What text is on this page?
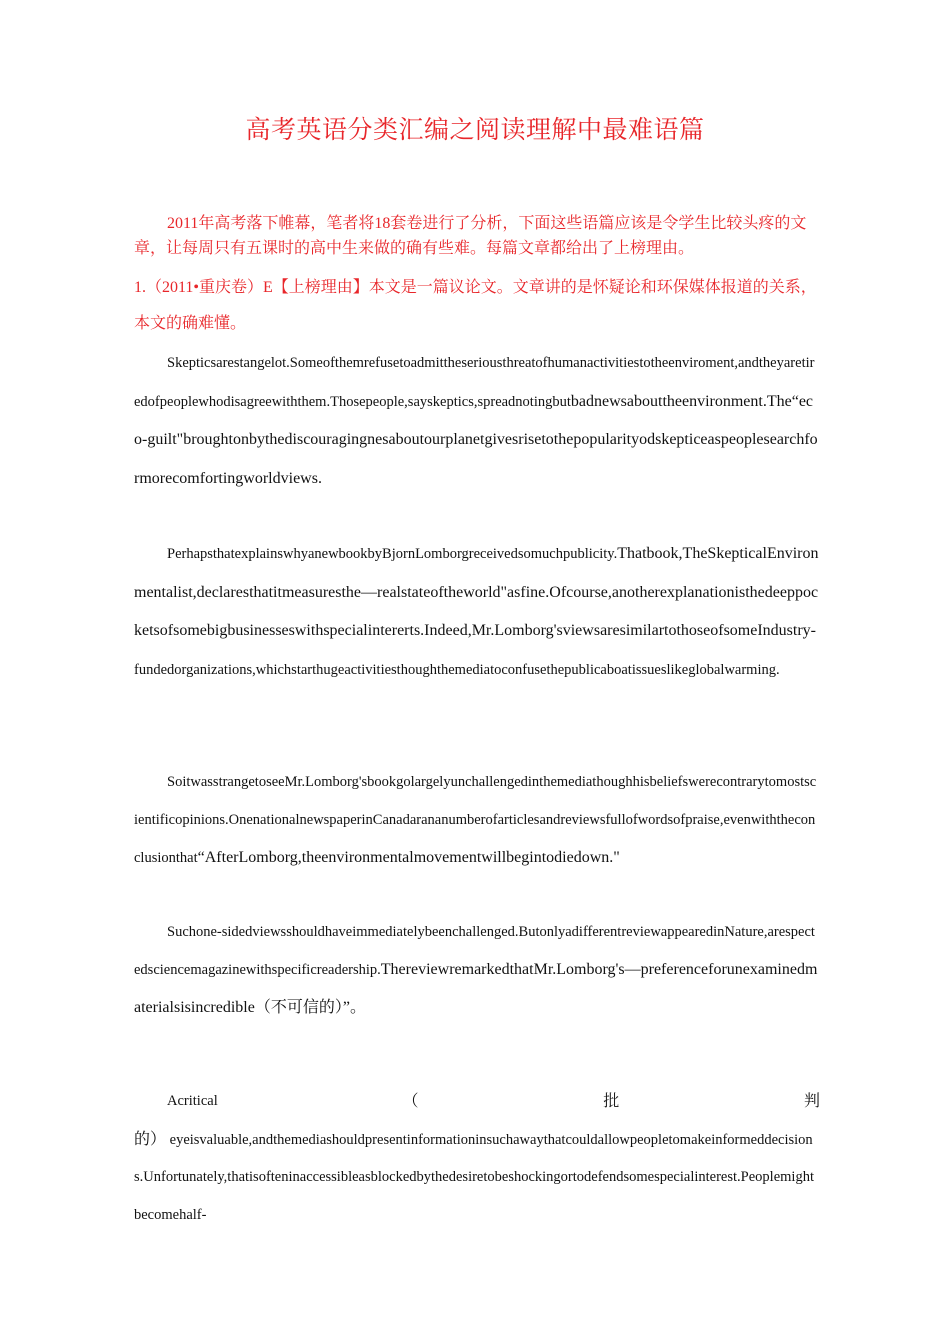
高考英语分类汇编之阅读理解中最难语篇
2011年高考落下帷幕，笔者将18套卷进行了分析，下面这些语篇应该是令学生比较头疼的文章，让每周只有五课时的高中生来做的确有些难。每篇文章都给出了上榜理由。
1.（2011•重庆卷）E【上榜理由】本文是一篇议论文。文章讲的是怀疑论和环保媒体报道的关系，本文的确难懂。
Skepticsarestangelot.Someofthemrefusetoadmittheseriousthreatofhumanactivitiestotheenviroment,andtheyaretiredofpeoplewhodisagreewiththem.Thosepeople,sayskeptics,spreadnotingbutbadnewsabouttheenvironment.The“eco-guilt"broughtonbythediscouragingnesaboutourplanetgivesrisetothepopularityodskepticeaspeoplesearchformorecomfortingworldviews.
PerhapsthatexplainswhyanewbookbyBjornLomborgreceivedsomuchpublicity.Thatbook,TheSkepticalEnvironmentalist,declaresthatitmeasuresthe—realstateoftheworld"asfine.Ofcourse,anotherexplanationisthedeeppocketsofsomebigbusinesseswithspecialintererts.Indeed,Mr.Lomborg'sviewsaresimilartothoseofsomeIndustry-fundedorganizations,whichstarthugeactivitiesthoughthemediatoconfusethepublicaboatissueslikeglobalwarming.
SoitwasstrangetoseeMr.Lomborg'sbookgolargelyunchallengedinthemediathoughhisbeliefswerecontrarytomostscientificopinions.OnenationalnewspaperinCanadarananumberofarticlesandreviewsfullofwordsofpraise,evenwiththeconclusionthat“AfterLomborg,theenvironmentalmovementwillbegintodiedown."
Suchone-sidedviewsshouldhaveimmediatelybeenchallenged.ButonlyadifferentreviewappearedinNature,arespectedsciencemagazinewithspecificreadership.ThereviewremarkedthatMr.Lomborg's—preferenceforunexaminedmaterialsisincredible（不可信的）”。
Acritical	（	批	判
的） eyeisvaluable,andthemediashouldpresentinformationinsuchawaythatcouldallowpeopletomakeinformeddecisions.Unfortunately,thatisofteninaccessibleasblockedbythedesiretobeshockingortodefendsomespecialinterest.Peoplemightbecomehalf-
